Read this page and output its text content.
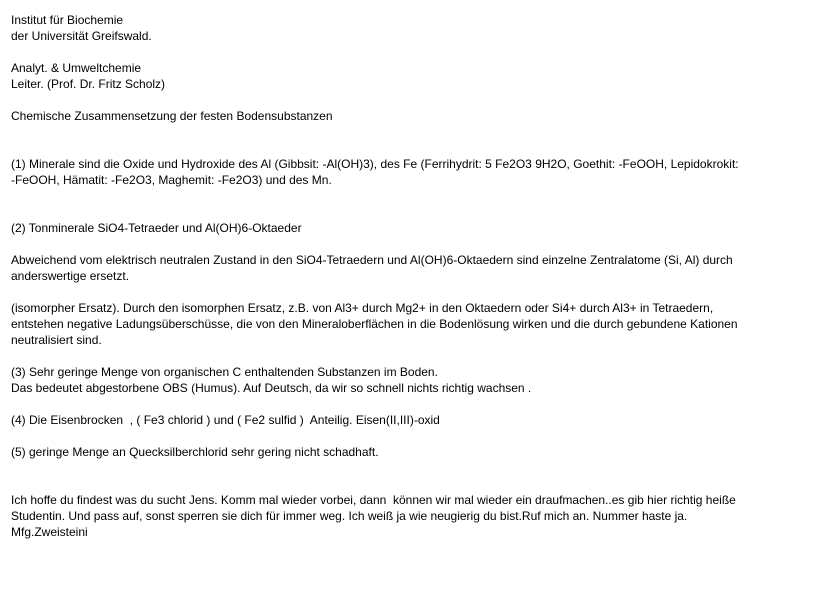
Institut für Biochemie
der Universität Greifswald.
Analyt. & Umweltchemie
Leiter. (Prof. Dr. Fritz Scholz)
Chemische Zusammensetzung der festen Bodensubstanzen
(1) Minerale sind die Oxide und Hydroxide des Al (Gibbsit: -Al(OH)3), des Fe (Ferrihydrit: 5 Fe2O3 9H2O, Goethit: -FeOOH, Lepidokrokit:
-FeOOH, Hämatit: -Fe2O3, Maghemit: -Fe2O3) und des Mn.
(2) Tonminerale SiO4-Tetraeder und Al(OH)6-Oktaeder
Abweichend vom elektrisch neutralen Zustand in den SiO4-Tetraedern und Al(OH)6-Oktaedern sind einzelne Zentralatome (Si, Al) durch
anderswertige ersetzt.
(isomorpher Ersatz). Durch den isomorphen Ersatz, z.B. von Al3+ durch Mg2+ in den Oktaedern oder Si4+ durch Al3+ in Tetraedern,
entstehen negative Ladungsüberschüsse, die von den Mineraloberflächen in die Bodenlösung wirken und die durch gebundene Kationen
neutralisiert sind.
(3) Sehr geringe Menge von organischen C enthaltenden Substanzen im Boden.
Das bedeutet abgestorbene OBS (Humus). Auf Deutsch, da wir so schnell nichts richtig wachsen .
(4) Die Eisenbrocken  , ( Fe3 chlorid ) und ( Fe2 sulfid )  Anteilig. Eisen(II,III)-oxid
(5) geringe Menge an Quecksilberchlorid sehr gering nicht schadhaft.
Ich hoffe du findest was du sucht Jens. Komm mal wieder vorbei, dann  können wir mal wieder ein draufmachen..es gib hier richtig heiße
Studentin. Und pass auf, sonst sperren sie dich für immer weg. Ich weiß ja wie neugierig du bist.Ruf mich an. Nummer haste ja.
Mfg.Zweisteini
